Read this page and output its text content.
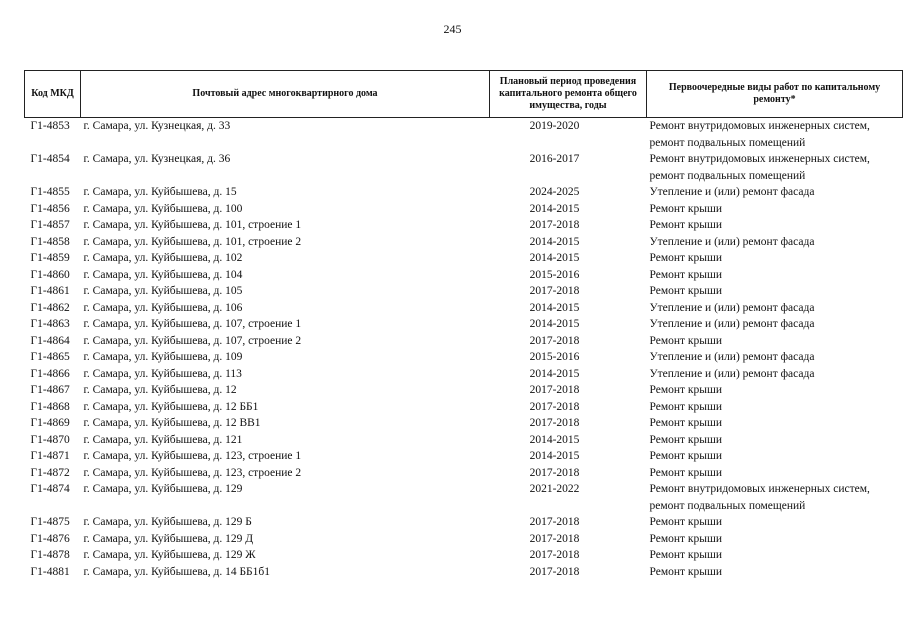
245
Код МКД	Почтовый адрес многоквартирного дома	Плановый период проведения капитального ремонта общего имущества, годы	Первоочередные виды работ по капитальному ремонту*
Г1-4853	г. Самара, ул. Кузнецкая, д. 33	2019-2020	Ремонт внутридомовых инженерных систем,
ремонт подвальных помещений

Г1-4854	г. Самара, ул. Кузнецкая, д. 36	2016-2017	Ремонт внутридомовых инженерных систем,
ремонт подвальных помещений

Г1-4855	г. Самара, ул. Куйбышева, д. 15	2024-2025	Утепление и (или) ремонт фасада

Г1-4856	г. Самара, ул. Куйбышева, д. 100	2014-2015	Ремонт крыши

Г1-4857	г. Самара, ул. Куйбышева, д. 101, строение 1	2017-2018	Ремонт крыши

Г1-4858	г. Самара, ул. Куйбышева, д. 101, строение 2	2014-2015	Утепление и (или) ремонт фасада

Г1-4859	г. Самара, ул. Куйбышева, д. 102	2014-2015	Ремонт крыши

Г1-4860	г. Самара, ул. Куйбышева, д. 104	2015-2016	Ремонт крыши

Г1-4861	г. Самара, ул. Куйбышева, д. 105	2017-2018	Ремонт крыши

Г1-4862	г. Самара, ул. Куйбышева, д. 106	2014-2015	Утепление и (или) ремонт фасада

Г1-4863	г. Самара, ул. Куйбышева, д. 107, строение 1	2014-2015	Утепление и (или) ремонт фасада

Г1-4864	г. Самара, ул. Куйбышева, д. 107, строение 2	2017-2018	Ремонт крыши

Г1-4865	г. Самара, ул. Куйбышева, д. 109	2015-2016	Утепление и (или) ремонт фасада

Г1-4866	г. Самара, ул. Куйбышева, д. 113	2014-2015	Утепление и (или) ремонт фасада

Г1-4867	г. Самара, ул. Куйбышева, д. 12	2017-2018	Ремонт крыши

Г1-4868	г. Самара, ул. Куйбышева, д. 12 ББ1	2017-2018	Ремонт крыши

Г1-4869	г. Самара, ул. Куйбышева, д. 12 ВВ1	2017-2018	Ремонт крыши

Г1-4870	г. Самара, ул. Куйбышева, д. 121	2014-2015	Ремонт крыши

Г1-4871	г. Самара, ул. Куйбышева, д. 123, строение 1	2014-2015	Ремонт крыши

Г1-4872	г. Самара, ул. Куйбышева, д. 123, строение 2	2017-2018	Ремонт крыши

Г1-4874	г. Самара, ул. Куйбышева, д. 129	2021-2022	Ремонт внутридомовых инженерных систем,
ремонт подвальных помещений

Г1-4875	г. Самара, ул. Куйбышева, д. 129 Б	2017-2018	Ремонт крыши

Г1-4876	г. Самара, ул. Куйбышева, д. 129 Д	2017-2018	Ремонт крыши

Г1-4878	г. Самара, ул. Куйбышева, д. 129 Ж	2017-2018	Ремонт крыши

Г1-4881	г. Самара, ул. Куйбышева, д. 14 ББ1б1	2017-2018	Ремонт крыши
